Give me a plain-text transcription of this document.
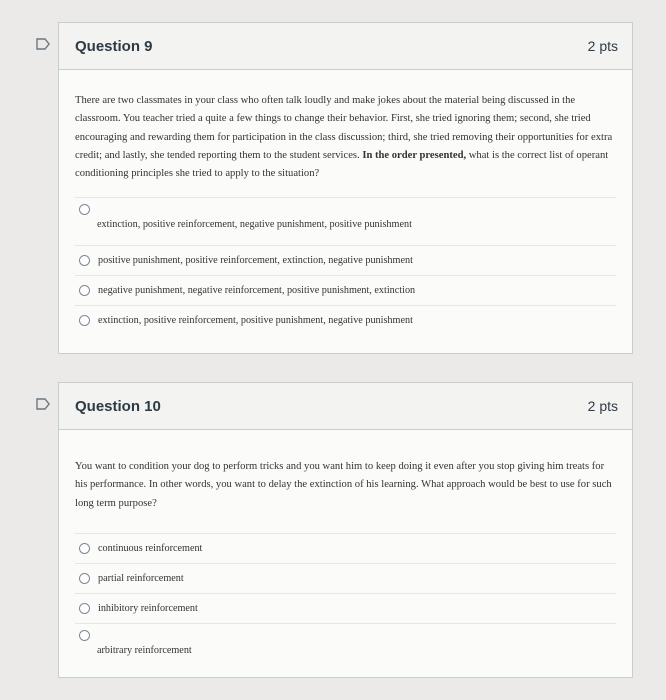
Question 9	2 pts

There are two classmates in your class who often talk loudly and make jokes about the material being discussed in the classroom. You teacher tried a quite a few things to change their behavior. First, she tried ignoring them; second, she tried encouraging and rewarding them for participation in the class discussion; third, she tried removing their opportunities for extra credit; and lastly, she tended reporting them to the student services. In the order presented, what is the correct list of operant conditioning principles she tried to apply to the situation?

extinction, positive reinforcement, negative punishment, positive punishment
positive punishment, positive reinforcement, extinction, negative punishment
negative punishment, negative reinforcement, positive punishment, extinction
extinction, positive reinforcement, positive punishment, negative punishment
Question 10	2 pts

You want to condition your dog to perform tricks and you want him to keep doing it even after you stop giving him treats for his performance. In other words, you want to delay the extinction of his learning. What approach would be best to use for such long term purpose?

continuous reinforcement
partial reinforcement
inhibitory reinforcement
arbitrary reinforcement
